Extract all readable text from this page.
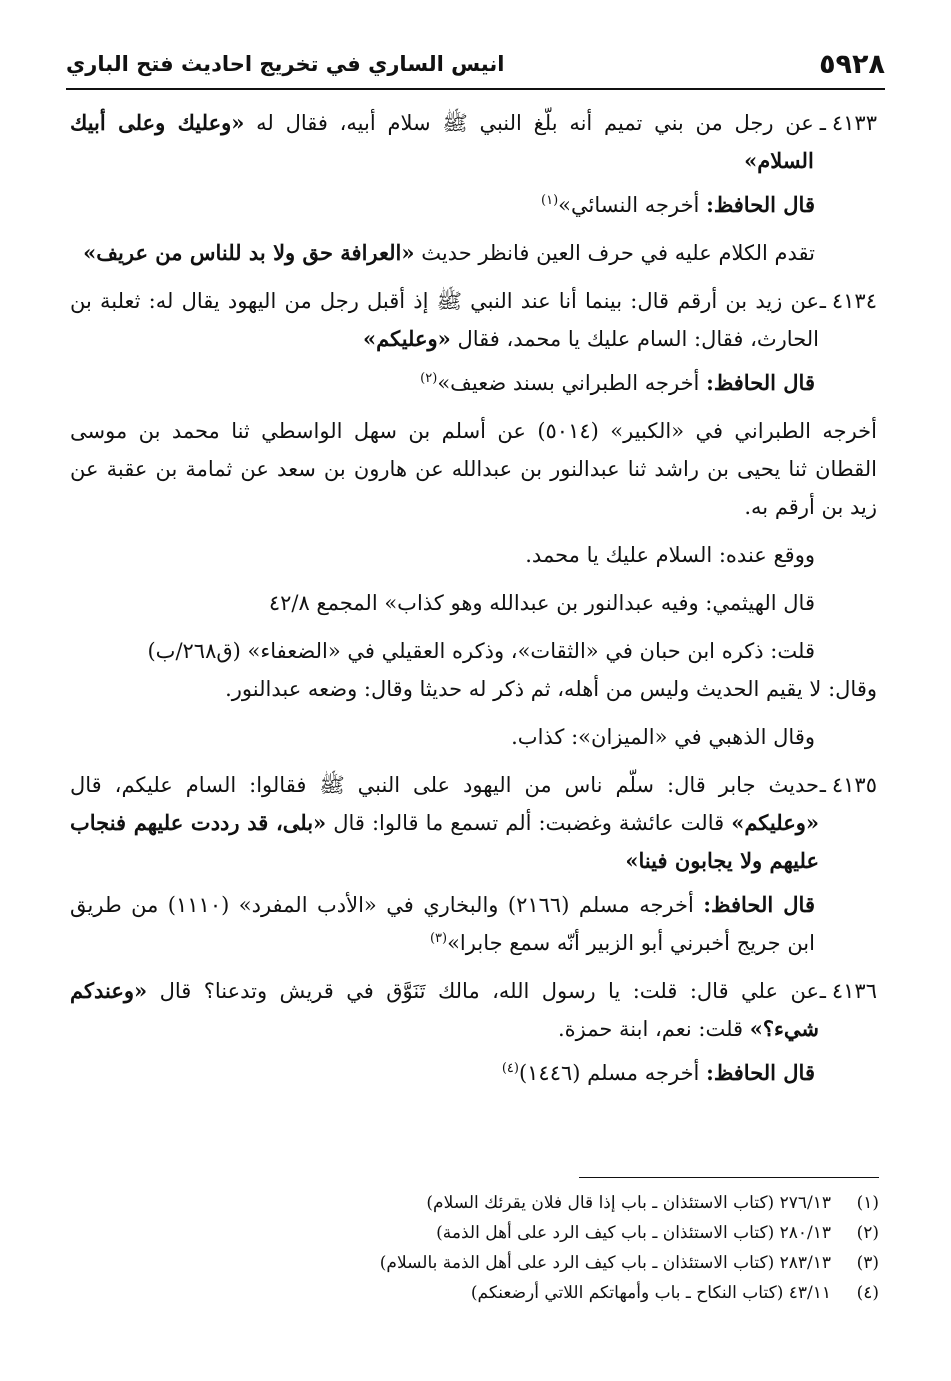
٥٩٢٨
انيس الساري في تخريج احاديث فتح الباري
٤١٣٣ـ
عن رجل من بني تميم أنه بلّغ النبي ﷺ سلام أبيه، فقال له «وعليك وعلى أبيك السلام»

قال الحافظ: أخرجه النسائي»$^{(١)}$

تقدم الكلام عليه في حرف العين فانظر حديث «العرافة حق ولا بد للناس من عريف»

٤١٣٤ـ
عن زيد بن أرقم قال: بينما أنا عند النبي ﷺ إذ أقبل رجل من اليهود يقال له: ثعلبة بن الحارث، فقال: السام عليك يا محمد، فقال «وعليكم»

قال الحافظ: أخرجه الطبراني بسند ضعيف»$^{(٢)}$

أخرجه الطبراني في «الكبير» (٥٠١٤) عن أسلم بن سهل الواسطي ثنا محمد بن موسى القطان ثنا يحيى بن راشد ثنا عبدالنور بن عبدالله عن هارون بن سعد عن ثمامة بن عقبة عن زيد بن أرقم به.

ووقع عنده: السلام عليك يا محمد.

قال الهيثمي: وفيه عبدالنور بن عبدالله وهو كذاب» المجمع ٤٢/٨

قلت: ذكره ابن حبان في «الثقات»، وذكره العقيلي في «الضعفاء» (ق٢٦٨/ب)

وقال: لا يقيم الحديث وليس من أهله، ثم ذكر له حديثا وقال: وضعه عبدالنور.

وقال الذهبي في «الميزان»: كذاب.

٤١٣٥ـ
حديث جابر قال: سلّم ناس من اليهود على النبي ﷺ فقالوا: السام عليكم، قال «وعليكم» قالت عائشة وغضبت: ألم تسمع ما قالوا: قال «بلى، قد رددت عليهم فنجاب عليهم ولا يجابون فينا»

قال الحافظ: أخرجه مسلم (٢١٦٦) والبخاري في «الأدب المفرد» (١١١٠) من طريق ابن جريج أخبرني أبو الزبير أنّه سمع جابرا»$^{(٣)}$

٤١٣٦ـ
عن علي قال: قلت: يا رسول الله، مالك تَنَوَّق في قريش وتدعنا؟ قال «وعندكم شيء؟» قلت: نعم، ابنة حمزة.

قال الحافظ: أخرجه مسلم (١٤٤٦)$^{(٤)}$

(١)٢٧٦/١٣ (كتاب الاستئذان ـ باب إذا قال فلان يقرئك السلام)
(٢)٢٨٠/١٣ (كتاب الاستئذان ـ باب كيف الرد على أهل الذمة)
(٣)٢٨٣/١٣ (كتاب الاستئذان ـ باب كيف الرد على أهل الذمة بالسلام)
(٤)٤٣/١١ (كتاب النكاح ـ باب وأمهاتكم اللاتي أرضعنكم)
